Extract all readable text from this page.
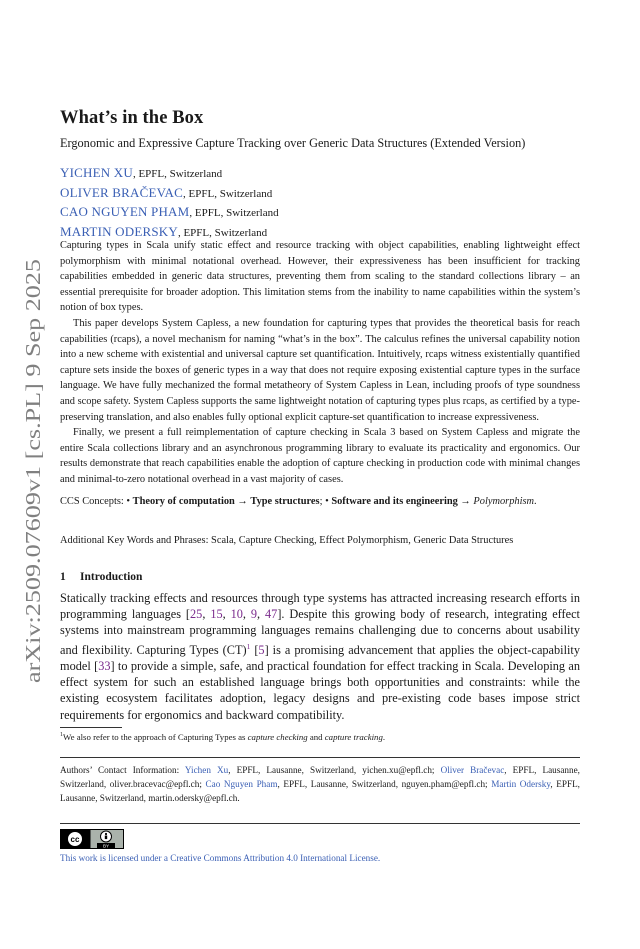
arXiv:2509.07609v1 [cs.PL] 9 Sep 2025
What’s in the Box
Ergonomic and Expressive Capture Tracking over Generic Data Structures (Extended Version)
YICHEN XU, EPFL, Switzerland
OLIVER BRAČEVAC, EPFL, Switzerland
CAO NGUYEN PHAM, EPFL, Switzerland
MARTIN ODERSKY, EPFL, Switzerland

Capturing types in Scala unify static effect and resource tracking with object capabilities, enabling lightweight effect polymorphism with minimal notational overhead. However, their expressiveness has been insufficient for tracking capabilities embedded in generic data structures, preventing them from scaling to the standard collections library – an essential prerequisite for broader adoption. This limitation stems from the inability to name capabilities within the system’s notion of box types.

This paper develops System Capless, a new foundation for capturing types that provides the theoretical basis for reach capabilities (rcaps), a novel mechanism for naming “what’s in the box”. The calculus refines the universal capability notion into a new scheme with existential and universal capture set quantification. Intuitively, rcaps witness existentially quantified capture sets inside the boxes of generic types in a way that does not require exposing existential capture types in the surface language. We have fully mechanized the formal metatheory of System Capless in Lean, including proofs of type soundness and scope safety. System Capless supports the same lightweight notation of capturing types plus rcaps, as certified by a type-preserving translation, and also enables fully optional explicit capture-set quantification to increase expressiveness.

Finally, we present a full reimplementation of capture checking in Scala 3 based on System Capless and migrate the entire Scala collections library and an asynchronous programming library to evaluate its practicality and ergonomics. Our results demonstrate that reach capabilities enable the adoption of capture checking in production code with minimal changes and minimal-to-zero notational overhead in a vast majority of cases.

CCS Concepts: • Theory of computation → Type structures; • Software and its engineering → Polymorphism.
Additional Key Words and Phrases: Scala, Capture Checking, Effect Polymorphism, Generic Data Structures
1 Introduction
Statically tracking effects and resources through type systems has attracted increasing research efforts in programming languages [25, 15, 10, 9, 47]. Despite this growing body of research, integrating effect systems into mainstream programming languages remains challenging due to concerns about usability and flexibility. Capturing Types (CT)$^1$ [5] is a promising advancement that applies the object-capability model [33] to provide a simple, safe, and practical foundation for effect tracking in Scala. Developing an effect system for such an established language brings both opportunities and constraints: while the existing ecosystem facilitates adoption, legacy designs and pre-existing code bases impose strict requirements for ergonomics and backward compatibility.
$^1$We also refer to the approach of Capturing Types as capture checking and capture tracking.
Authors’ Contact Information: Yichen Xu, EPFL, Lausanne, Switzerland, yichen.xu@epfl.ch; Oliver Bračevac, EPFL, Lausanne, Switzerland, oliver.bracevac@epfl.ch; Cao Nguyen Pham, EPFL, Lausanne, Switzerland, nguyen.pham@epfl.ch; Martin Odersky, EPFL, Lausanne, Switzerland, martin.odersky@epfl.ch.
cc
BY
This work is licensed under a Creative Commons Attribution 4.0 International License.
